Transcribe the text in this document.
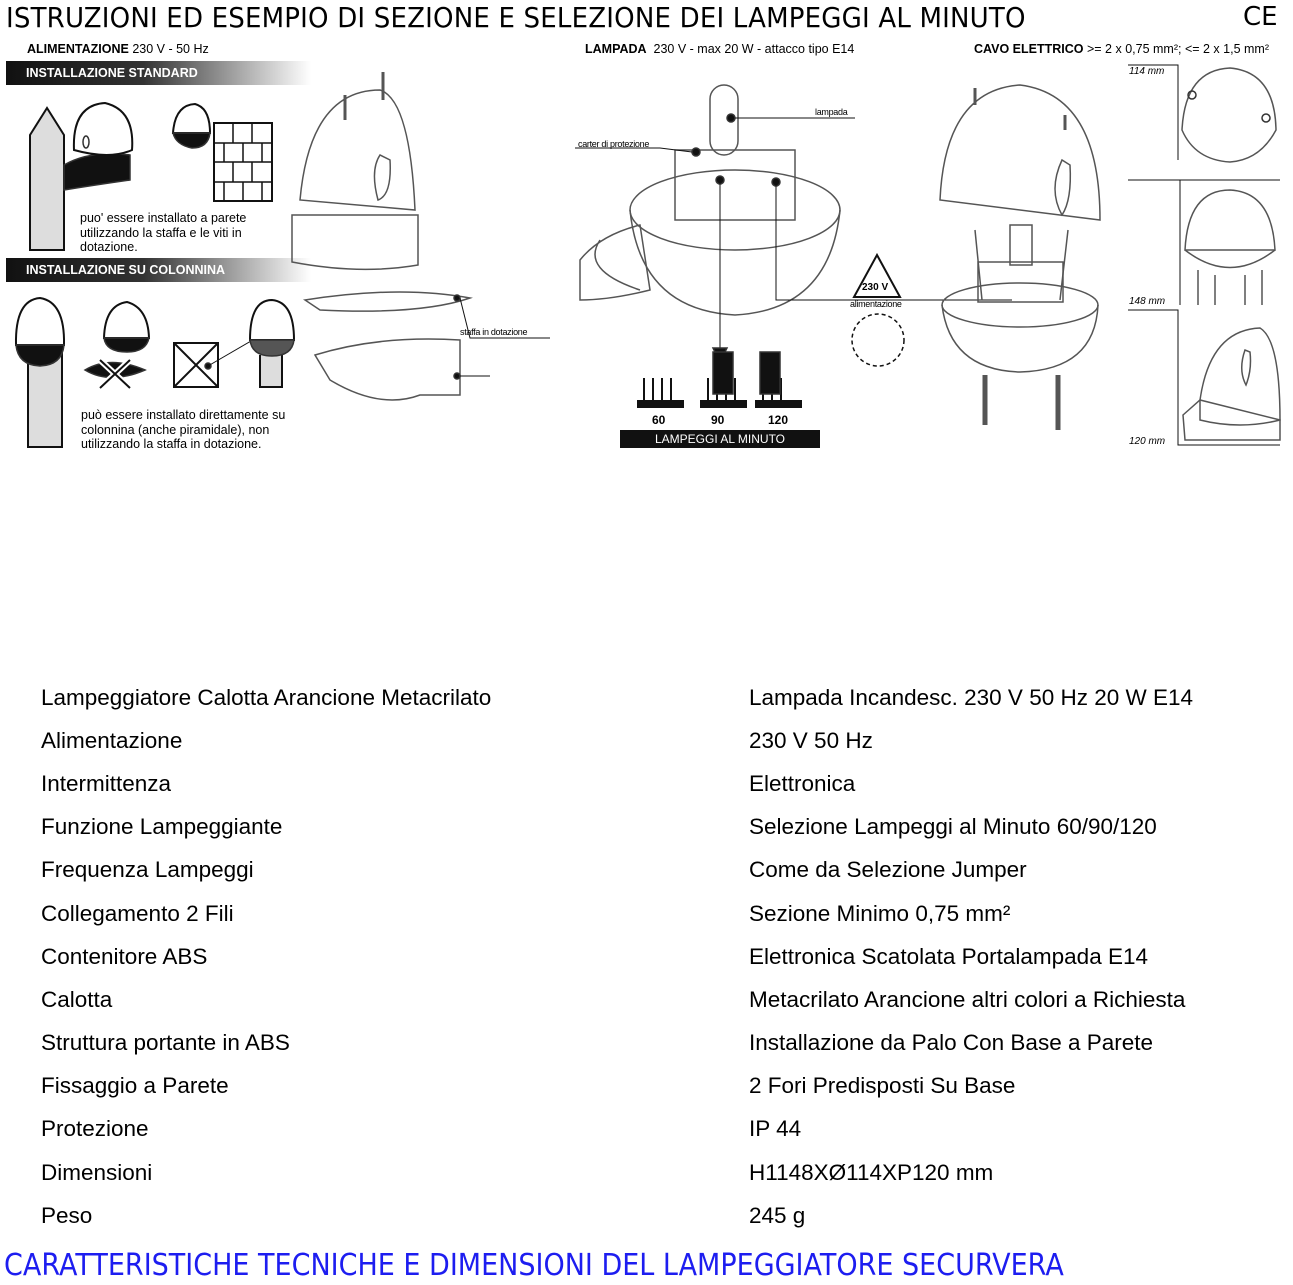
ISTRUZIONI ED ESEMPIO DI SEZIONE E SELEZIONE DEI LAMPEGGI AL MINUTO	CE
ALIMENTAZIONE 230 V - 50 Hz	LAMPADA 230 V - max 20 W - attacco tipo E14	CAVO ELETTRICO >= 2 x 0,75 mm²; <= 2 x 1,5 mm²
INSTALLAZIONE STANDARD
INSTALLAZIONE SU COLONNINA
puo' essere installato a parete utilizzando la staffa e le viti in dotazione.
può essere installato direttamente su colonnina (anche piramidale), non utilizzando la staffa in dotazione.
staffa in dotazione
lampada
carter di protezione
230 V
alimentazione
60	90	120
LAMPEGGI AL MINUTO
114 mm
148 mm
120 mm
Lampeggiatore Calotta Arancione Metacrilato	Lampada Incandesc. 230 V 50 Hz 20 W E14
Alimentazione	230 V 50 Hz
Intermittenza	Elettronica
Funzione Lampeggiante	Selezione Lampeggi al Minuto 60/90/120
Frequenza Lampeggi	Come da Selezione Jumper
Collegamento 2 Fili	Sezione Minimo 0,75 mm²
Contenitore ABS	Elettronica Scatolata Portalampada E14
Calotta	Metacrilato Arancione altri colori a Richiesta
Struttura portante in ABS	Installazione da Palo Con Base a Parete
Fissaggio a Parete	2 Fori Predisposti Su Base
Protezione	IP 44
Dimensioni	H1148XØ114XP120 mm
Peso	245 g
CARATTERISTICHE TECNICHE E DIMENSIONI DEL LAMPEGGIATORE SECURVERA
